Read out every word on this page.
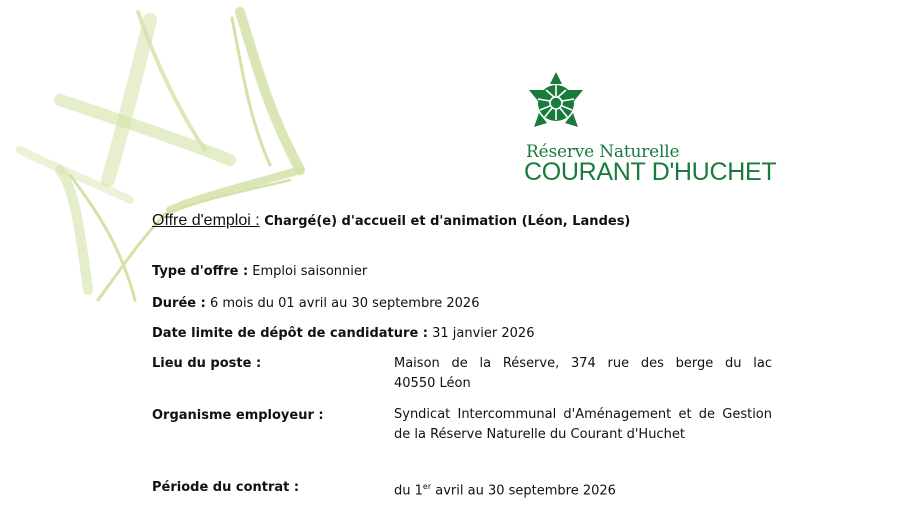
Réserve Naturelle
COURANT D'HUCHET
Offre d'emploi : Chargé(e) d'accueil et d'animation (Léon, Landes)
Type d'offre : Emploi saisonnier
Durée : 6 mois du 01 avril au 30 septembre 2026
Date limite de dépôt de candidature : 31 janvier 2026
Lieu du poste :	Maison de la Réserve, 374 rue des berge du lac
40550 Léon
Organisme employeur :	Syndicat Intercommunal d'Aménagement et de Gestion de la Réserve Naturelle du Courant d'Huchet
Période du contrat :	du 1er avril au 30 septembre 2026
